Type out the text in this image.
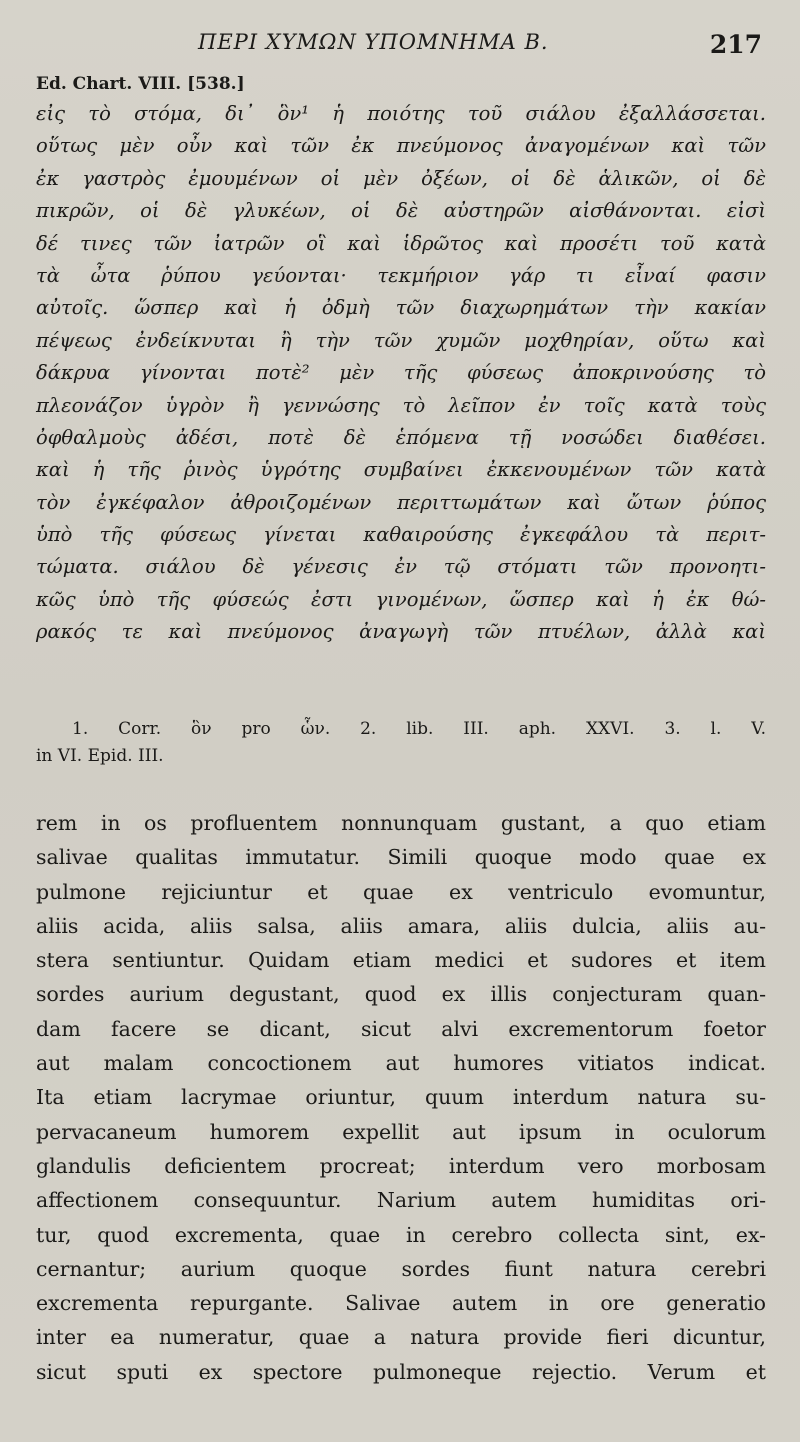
ΠΕΡΙ ΧΥΜΩΝ ΥΠΟΜΝΗΜΑ Β.	217
Ed. Chart. VIII. [538.]
εἰς τὸ στόμα, δι᾽ ὃν¹ ἡ ποιότης τοῦ σιάλου ἐξαλλάσσεται.
οὕτως μὲν οὖν καὶ τῶν ἐκ πνεύμονος ἀναγομένων καὶ τῶν
ἐκ γαστρὸς ἐμουμένων οἱ μὲν ὀξέων, οἱ δὲ ἁλικῶν, οἱ δὲ
πικρῶν, οἱ δὲ γλυκέων, οἱ δὲ αὐστηρῶν αἰσθάνονται. εἰσὶ
δέ τινες τῶν ἰατρῶν οἳ καὶ ἱδρῶτος καὶ προσέτι τοῦ κατὰ
τὰ ὦτα ῥύπου γεύονται· τεκμήριον γάρ τι εἶναί φασιν
αὐτοῖς. ὥσπερ καὶ ἡ ὀδμὴ τῶν διαχωρημάτων τὴν κακίαν
πέψεως ἐνδείκνυται ἢ τὴν τῶν χυμῶν μοχθηρίαν, οὕτω καὶ
δάκρυα γίνονται ποτὲ² μὲν τῆς φύσεως ἀποκρινούσης τὸ
πλεονάζον ὑγρὸν ἢ γεννώσης τὸ λεῖπον ἐν τοῖς κατὰ τοὺς
ὀφθαλμοὺς ἀδέσι, ποτὲ δὲ ἑπόμενα τῇ νοσώδει διαθέσει.
καὶ ἡ τῆς ῥινὸς ὑγρότης συμβαίνει ἐκκενουμένων τῶν κατὰ
τὸν ἐγκέφαλον ἀθροιζομένων περιττωμάτων καὶ ὤτων ῥύπος
ὑπὸ τῆς φύσεως γίνεται καθαιρούσης ἐγκεφάλου τὰ περιτ-
τώματα. σιάλου δὲ γένεσις ἐν τῷ στόματι τῶν προνοητι-
κῶς ὑπὸ τῆς φύσεώς ἐστι γινομένων, ὥσπερ καὶ ἡ ἐκ θώ-
ρακός τε καὶ πνεύμονος ἀναγωγὴ τῶν πτυέλων, ἀλλὰ καὶ
1. Corr. ὃν pro ὧν. 2. lib. III. aph. XXVI. 3. l. V.
in VI. Epid. III.
rem in os profluentem nonnunquam gustant, a quo etiam
salivae qualitas immutatur. Simili quoque modo quae ex
pulmone rejiciuntur et quae ex ventriculo evomuntur,
aliis acida, aliis salsa, aliis amara, aliis dulcia, aliis au-
stera sentiuntur. Quidam etiam medici et sudores et item
sordes aurium degustant, quod ex illis conjecturam quan-
dam facere se dicant, sicut alvi excrementorum foetor
aut malam concoctionem aut humores vitiatos indicat.
Ita etiam lacrymae oriuntur, quum interdum natura su-
pervacaneum humorem expellit aut ipsum in oculorum
glandulis deficientem procreat; interdum vero morbosam
affectionem consequuntur. Narium autem humiditas ori-
tur, quod excrementa, quae in cerebro collecta sint, ex-
cernantur; aurium quoque sordes fiunt natura cerebri
excrementa repurgante. Salivae autem in ore generatio
inter ea numeratur, quae a natura provide fieri dicuntur,
sicut sputi ex spectore pulmoneque rejectio. Verum et
